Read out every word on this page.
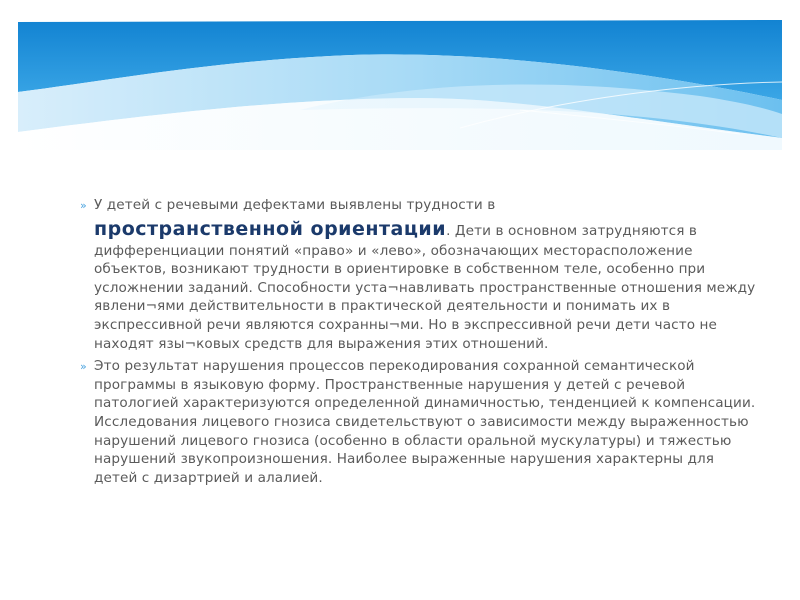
» У детей с речевыми дефектами выявлены трудности в пространственной ориентации. Дети в основном затрудняются в дифференциации понятий «право» и «лево», обозначающих месторасположение объектов, возникают трудности в ориентировке в собственном теле, особенно при усложнении заданий. Способности уста¬навливать пространственные отношения между явлени¬ями действительности в практической деятельности и понимать их в экспрессивной речи являются сохранны¬ми. Но в экспрессивной речи дети часто не находят язы¬ковых средств для выражения этих отношений.

» Это результат нарушения процессов перекодирования сохранной семантической программы в языковую форму. Пространственные нарушения у детей с речевой патологией характеризуются определенной динамичностью, тенденцией к компенсации. Исследования лицевого гнозиса свидетельствуют о зависимости между выраженностью нарушений лицевого гнозиса (особенно в области оральной мускулатуры) и тяжестью нарушений звукопроизношения. Наиболее выраженные нарушения характерны для детей с дизартрией и алалией.
